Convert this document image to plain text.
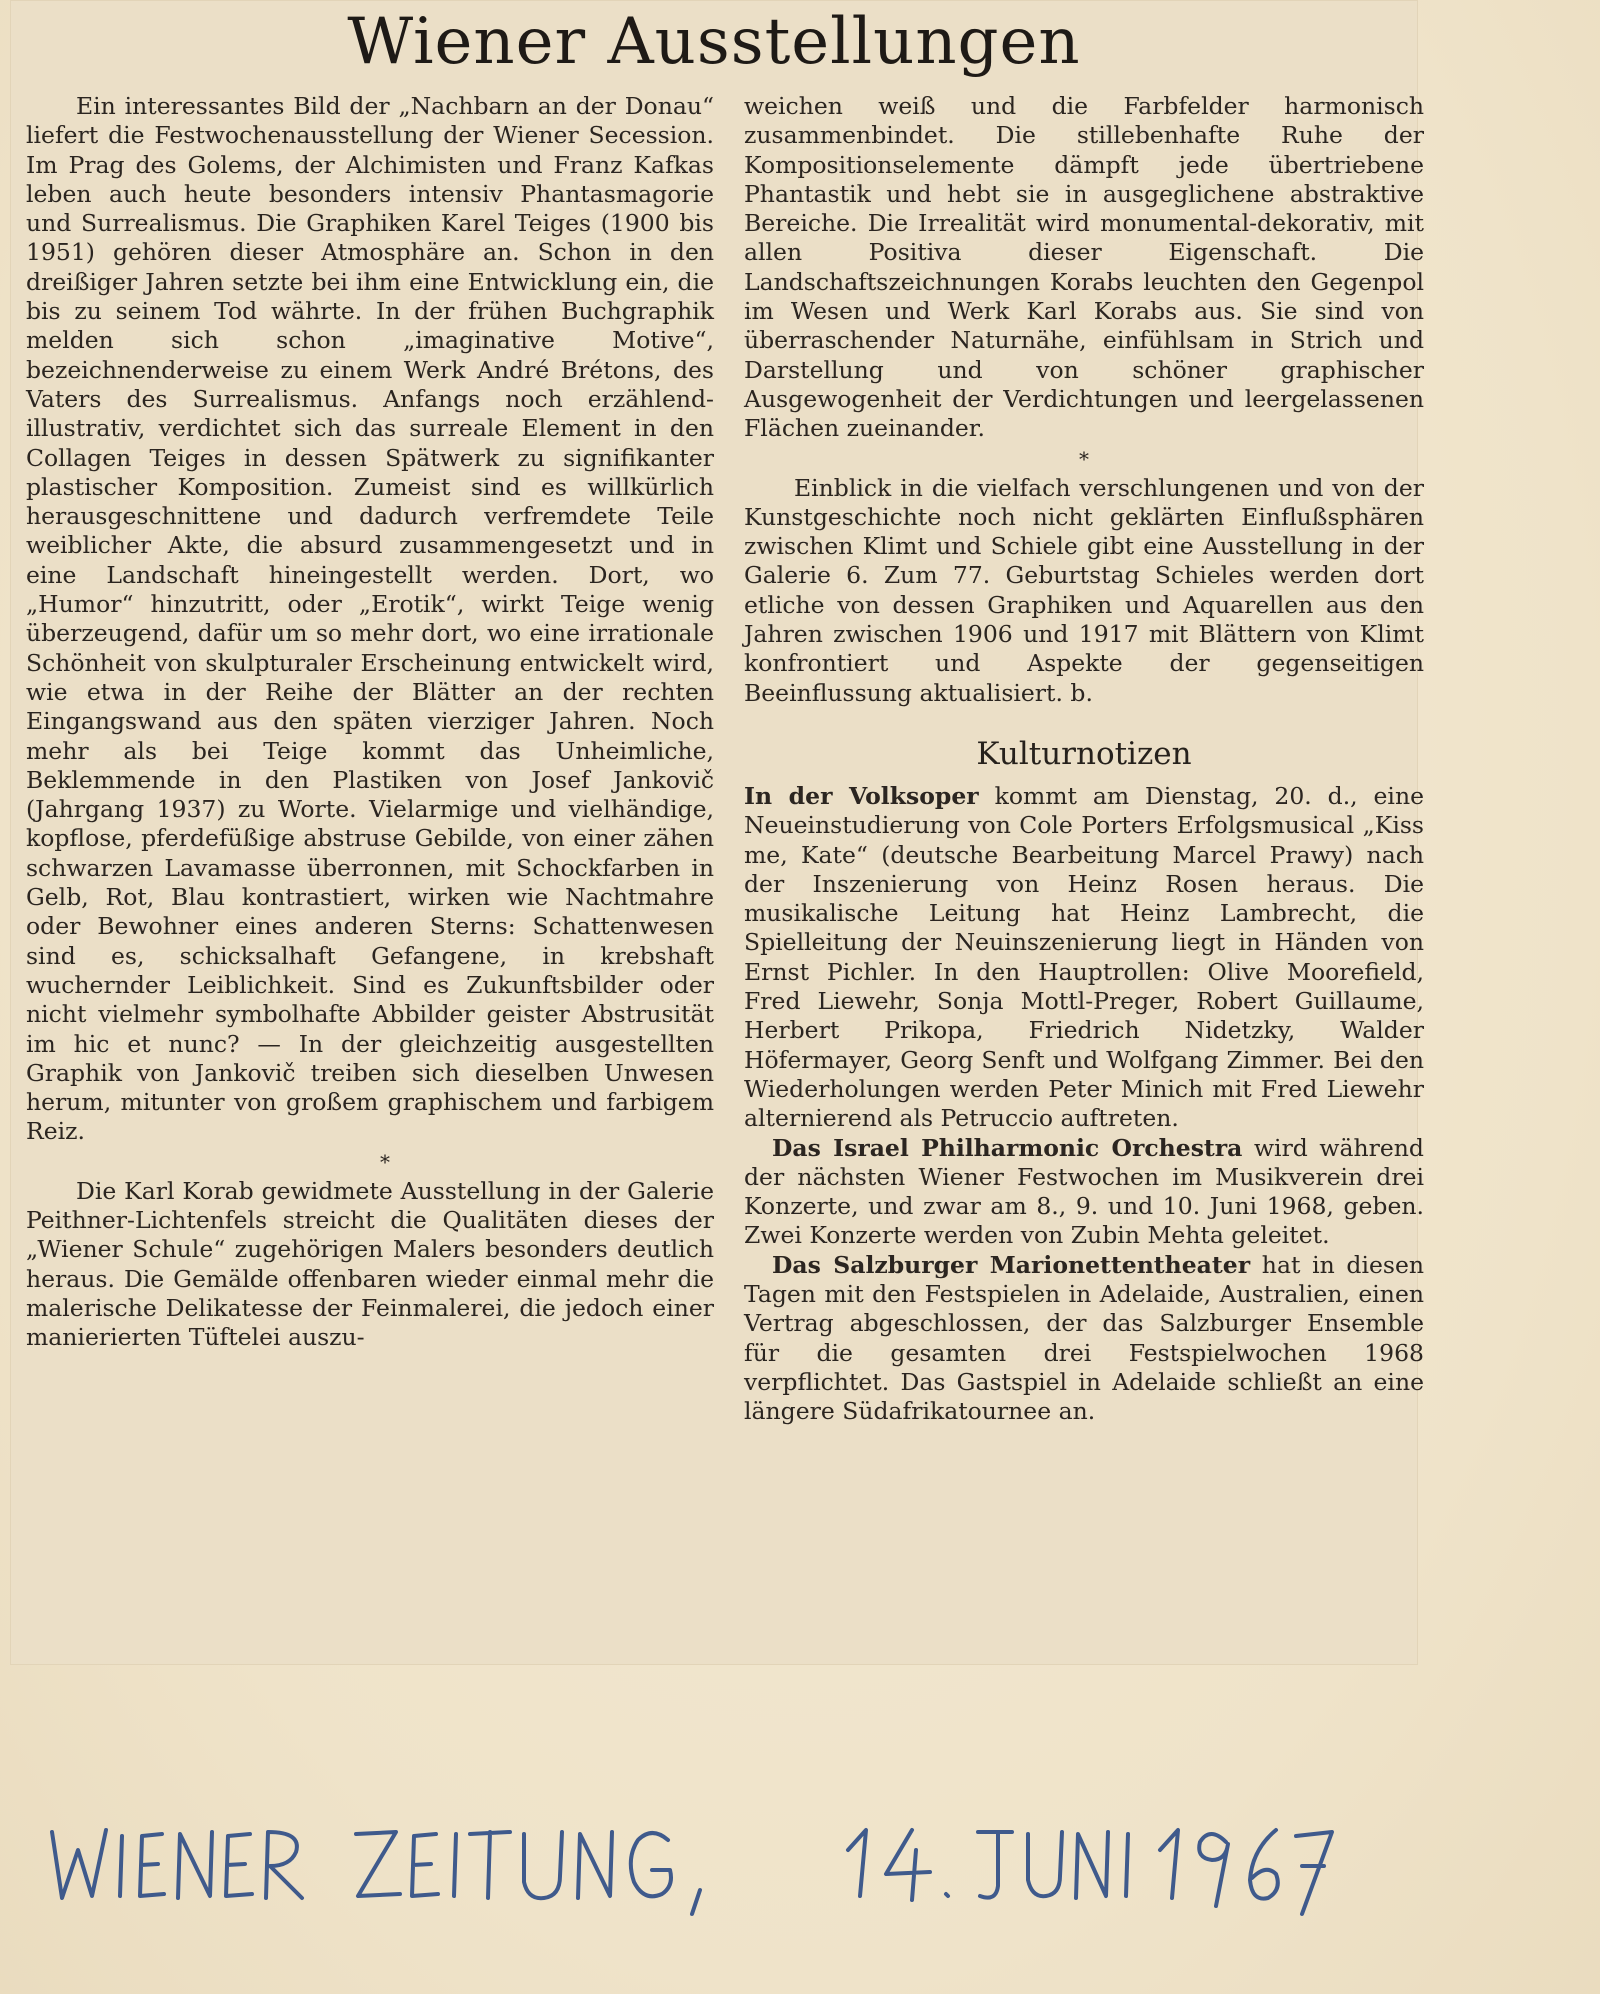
Wiener Ausstellungen

Ein interessantes Bild der „Nachbarn an der Donau“ liefert die Festwochenausstellung der Wiener Secession. Im Prag des Golems, der Alchimisten und Franz Kafkas leben auch heute besonders intensiv Phantasmagorie und Surrealismus. Die Graphiken Karel Teiges (1900 bis 1951) gehören dieser Atmosphäre an. Schon in den dreißiger Jahren setzte bei ihm eine Entwicklung ein, die bis zu seinem Tod währte. In der frühen Buchgraphik melden sich schon „imaginative Motive“, bezeichnenderweise zu einem Werk André Brétons, des Vaters des Surrealismus. Anfangs noch erzählend-illustrativ, verdichtet sich das surreale Element in den Collagen Teiges in dessen Spätwerk zu signifikanter plastischer Komposition. Zumeist sind es willkürlich herausgeschnittene und dadurch verfremdete Teile weiblicher Akte, die absurd zusammengesetzt und in eine Landschaft hineingestellt werden. Dort, wo „Humor“ hinzutritt, oder „Erotik“, wirkt Teige wenig überzeugend, dafür um so mehr dort, wo eine irrationale Schönheit von skulpturaler Erscheinung entwickelt wird, wie etwa in der Reihe der Blätter an der rechten Eingangswand aus den späten vierziger Jahren. Noch mehr als bei Teige kommt das Unheimliche, Beklemmende in den Plastiken von Josef Jankovič (Jahrgang 1937) zu Worte. Vielarmige und vielhändige, kopflose, pferdefüßige abstruse Gebilde, von einer zähen schwarzen Lavamasse überronnen, mit Schockfarben in Gelb, Rot, Blau kontrastiert, wirken wie Nachtmahre oder Bewohner eines anderen Sterns: Schattenwesen sind es, schicksalhaft Gefangene, in krebshaft wuchernder Leiblichkeit. Sind es Zukunftsbilder oder nicht vielmehr symbolhafte Abbilder geister Abstrusität im hic et nunc? — In der gleichzeitig ausgestellten Graphik von Jankovič treiben sich dieselben Unwesen herum, mitunter von großem graphischem und farbigem Reiz.

*

Die Karl Korab gewidmete Ausstellung in der Galerie Peithner-Lichtenfels streicht die Qualitäten dieses der „Wiener Schule“ zugehörigen Malers besonders deutlich heraus. Die Gemälde offenbaren wieder einmal mehr die malerische Delikatesse der Feinmalerei, die jedoch einer manierierten Tüftelei auszu-

weichen weiß und die Farbfelder harmonisch zusammenbindet. Die stillebenhafte Ruhe der Kompositionselemente dämpft jede übertriebene Phantastik und hebt sie in ausgeglichene abstraktive Bereiche. Die Irrealität wird monumental-dekorativ, mit allen Positiva dieser Eigenschaft. Die Landschaftszeichnungen Korabs leuchten den Gegenpol im Wesen und Werk Karl Korabs aus. Sie sind von überraschender Naturnähe, einfühlsam in Strich und Darstellung und von schöner graphischer Ausgewogenheit der Verdichtungen und leergelassenen Flächen zueinander.

*

Einblick in die vielfach verschlungenen und von der Kunstgeschichte noch nicht geklärten Einflußsphären zwischen Klimt und Schiele gibt eine Ausstellung in der Galerie 6. Zum 77. Geburtstag Schieles werden dort etliche von dessen Graphiken und Aquarellen aus den Jahren zwischen 1906 und 1917 mit Blättern von Klimt konfrontiert und Aspekte der gegenseitigen Beeinflussung aktualisiert. b.

Kulturnotizen

In der Volksoper kommt am Dienstag, 20. d., eine Neueinstudierung von Cole Porters Erfolgsmusical „Kiss me, Kate“ (deutsche Bearbeitung Marcel Prawy) nach der Inszenierung von Heinz Rosen heraus. Die musikalische Leitung hat Heinz Lambrecht, die Spielleitung der Neuinszenierung liegt in Händen von Ernst Pichler. In den Hauptrollen: Olive Moorefield, Fred Liewehr, Sonja Mottl-Preger, Robert Guillaume, Herbert Prikopa, Friedrich Nidetzky, Walder Höfermayer, Georg Senft und Wolfgang Zimmer. Bei den Wiederholungen werden Peter Minich mit Fred Liewehr alternierend als Petruccio auftreten.

Das Israel Philharmonic Orchestra wird während der nächsten Wiener Festwochen im Musikverein drei Konzerte, und zwar am 8., 9. und 10. Juni 1968, geben. Zwei Konzerte werden von Zubin Mehta geleitet.

Das Salzburger Marionettentheater hat in diesen Tagen mit den Festspielen in Adelaide, Australien, einen Vertrag abgeschlossen, der das Salzburger Ensemble für die gesamten drei Festspielwochen 1968 verpflichtet. Das Gastspiel in Adelaide schließt an eine längere Südafrikatournee an.
